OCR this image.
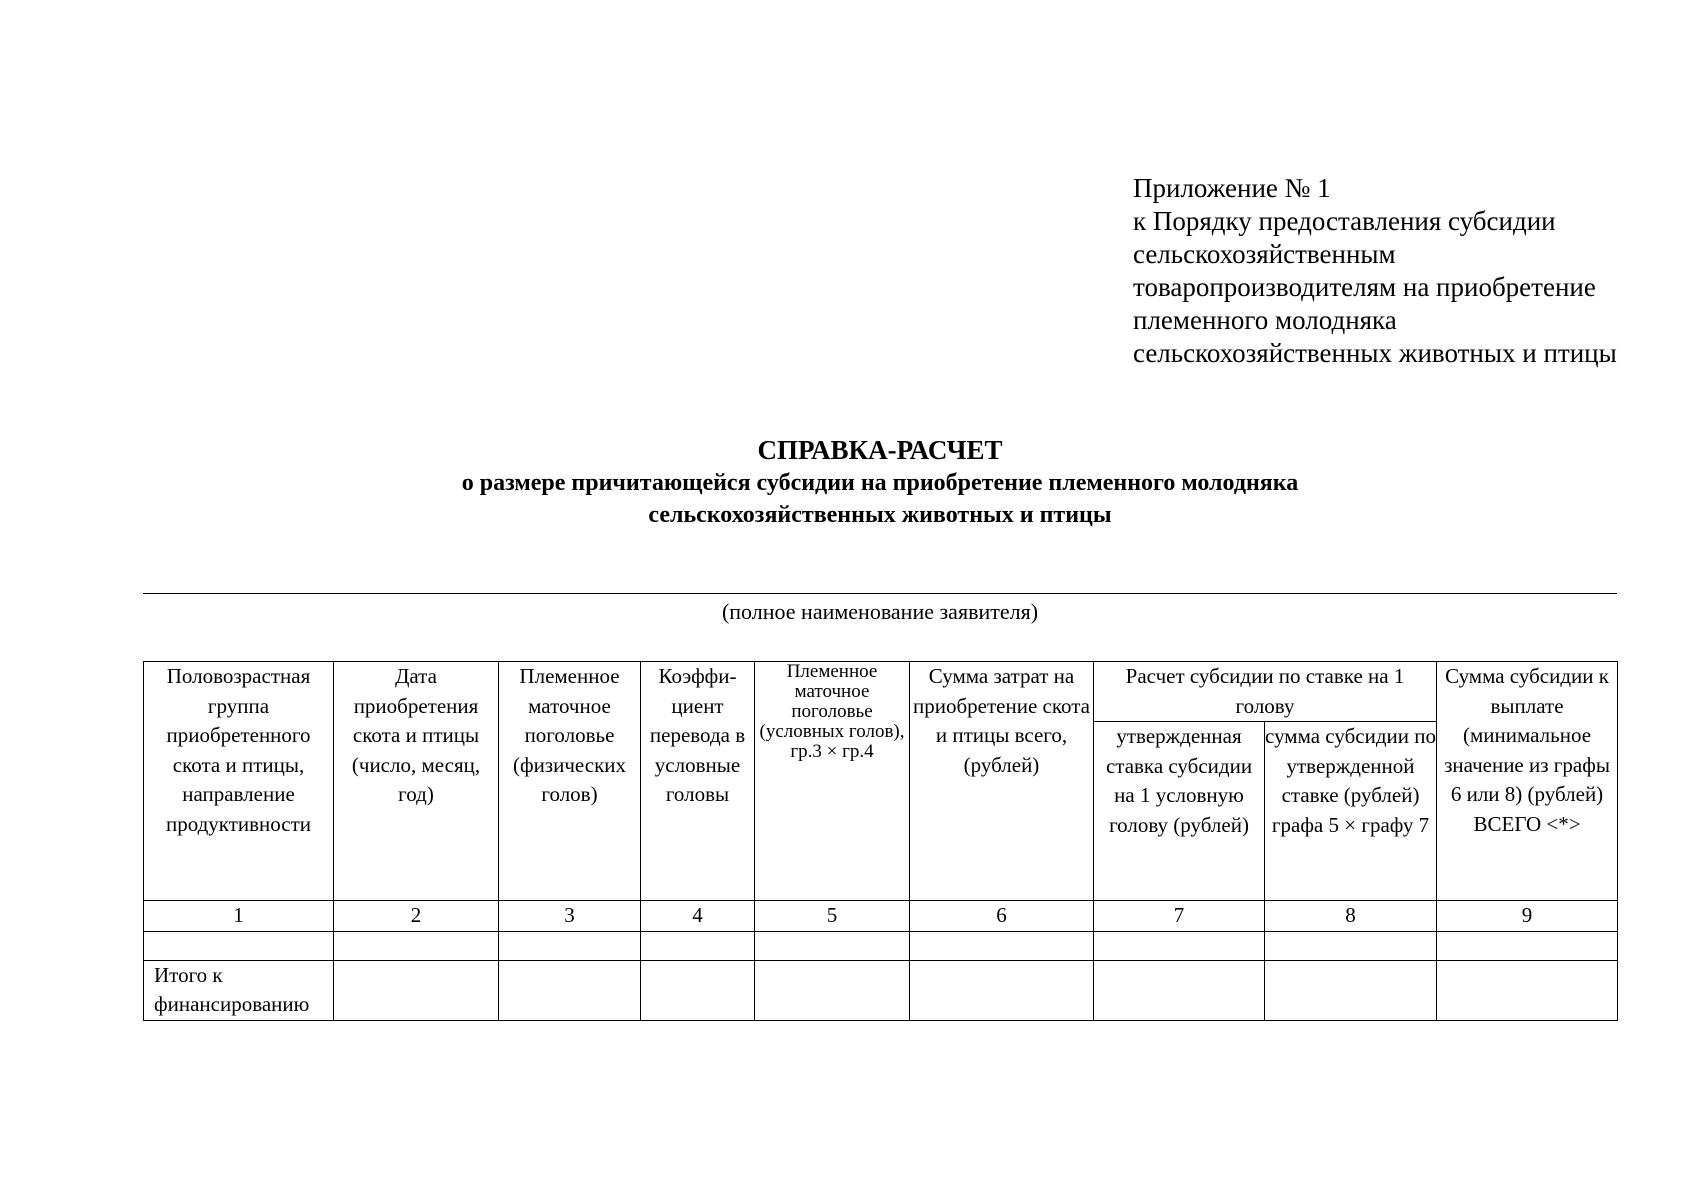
Приложение № 1
к Порядку предоставления субсидии
сельскохозяйственным
товаропроизводителям на приобретение
племенного молодняка
сельскохозяйственных животных и птицы
СПРАВКА-РАСЧЕТ
о размере причитающейся субсидии на приобретение племенного молодняка
сельскохозяйственных животных и птицы
(полное наименование заявителя)
Половозрастная группа приобретенного скота и птицы, направление продуктивности	Дата приобретения скота и птицы (число, месяц, год)	Племенное маточное поголовье (физических голов)	Коэффи-циент перевода в условные головы	Племенное маточное поголовье (условных голов), гр.3 × гр.4	Сумма затрат на приобретение скота и птицы всего, (рублей)	Расчет субсидии по ставке на 1 голову		Сумма субсидии к выплате (минимальное значение из графы 6 или 8) (рублей) ВСЕГО <*>
						утвержденная ставка субсидии на 1 условную голову (рублей)	сумма субсидии по утвержденной ставке (рублей) графа 5 × графу 7	
1	2	3	4	5	6	7	8	9

Итого к финансированию								
